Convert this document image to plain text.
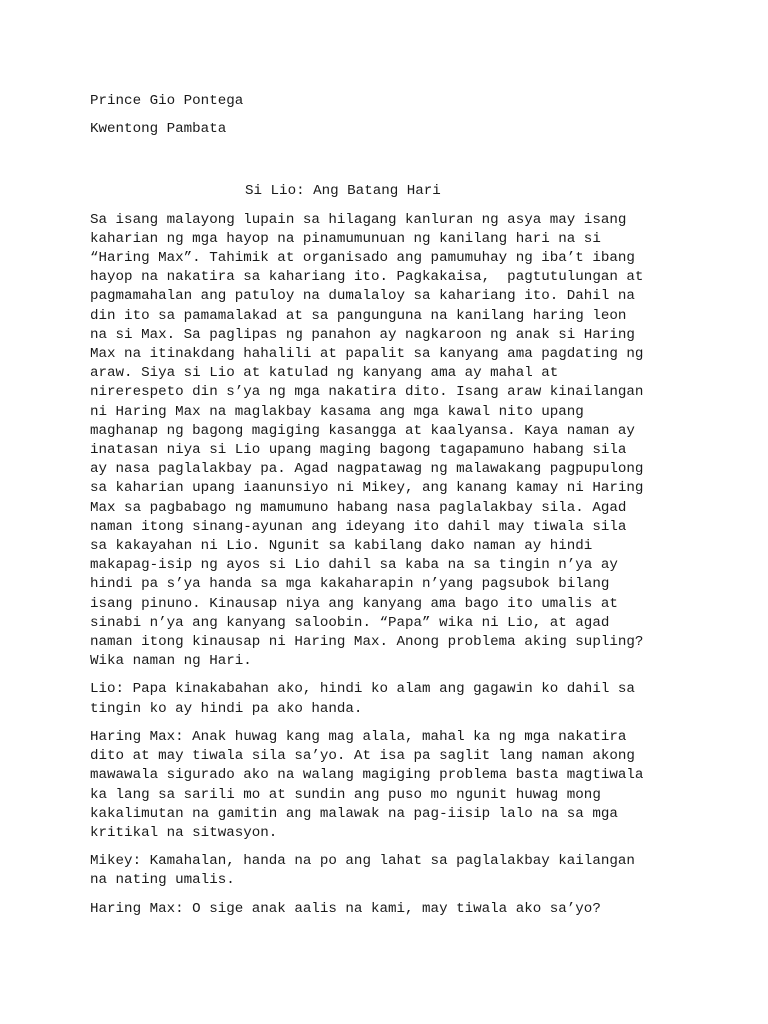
Prince Gio Pontega
Kwentong Pambata
Si Lio: Ang Batang Hari
Sa isang malayong lupain sa hilagang kanluran ng asya may isang
kaharian ng mga hayop na pinamumunuan ng kanilang hari na si
“Haring Max”. Tahimik at organisado ang pamumuhay ng iba’t ibang
hayop na nakatira sa kahariang ito. Pagkakaisa,  pagtutulungan at
pagmamahalan ang patuloy na dumalaloy sa kahariang ito. Dahil na
din ito sa pamamalakad at sa pangunguna na kanilang haring leon
na si Max. Sa paglipas ng panahon ay nagkaroon ng anak si Haring
Max na itinakdang hahalili at papalit sa kanyang ama pagdating ng
araw. Siya si Lio at katulad ng kanyang ama ay mahal at
nirerespeto din s’ya ng mga nakatira dito. Isang araw kinailangan
ni Haring Max na maglakbay kasama ang mga kawal nito upang
maghanap ng bagong magiging kasangga at kaalyansa. Kaya naman ay
inatasan niya si Lio upang maging bagong tagapamuno habang sila
ay nasa paglalakbay pa. Agad nagpatawag ng malawakang pagpupulong
sa kaharian upang iaanunsiyo ni Mikey, ang kanang kamay ni Haring
Max sa pagbabago ng mamumuno habang nasa paglalakbay sila. Agad
naman itong sinang-ayunan ang ideyang ito dahil may tiwala sila
sa kakayahan ni Lio. Ngunit sa kabilang dako naman ay hindi
makapag-isip ng ayos si Lio dahil sa kaba na sa tingin n’ya ay
hindi pa s’ya handa sa mga kakaharapin n’yang pagsubok bilang
isang pinuno. Kinausap niya ang kanyang ama bago ito umalis at
sinabi n’ya ang kanyang saloobin. “Papa” wika ni Lio, at agad
naman itong kinausap ni Haring Max. Anong problema aking supling?
Wika naman ng Hari.
Lio: Papa kinakabahan ako, hindi ko alam ang gagawin ko dahil sa
tingin ko ay hindi pa ako handa.
Haring Max: Anak huwag kang mag alala, mahal ka ng mga nakatira
dito at may tiwala sila sa’yo. At isa pa saglit lang naman akong
mawawala sigurado ako na walang magiging problema basta magtiwala
ka lang sa sarili mo at sundin ang puso mo ngunit huwag mong
kakalimutan na gamitin ang malawak na pag-iisip lalo na sa mga
kritikal na sitwasyon.
Mikey: Kamahalan, handa na po ang lahat sa paglalakbay kailangan
na nating umalis.
Haring Max: O sige anak aalis na kami, may tiwala ako sa’yo?
